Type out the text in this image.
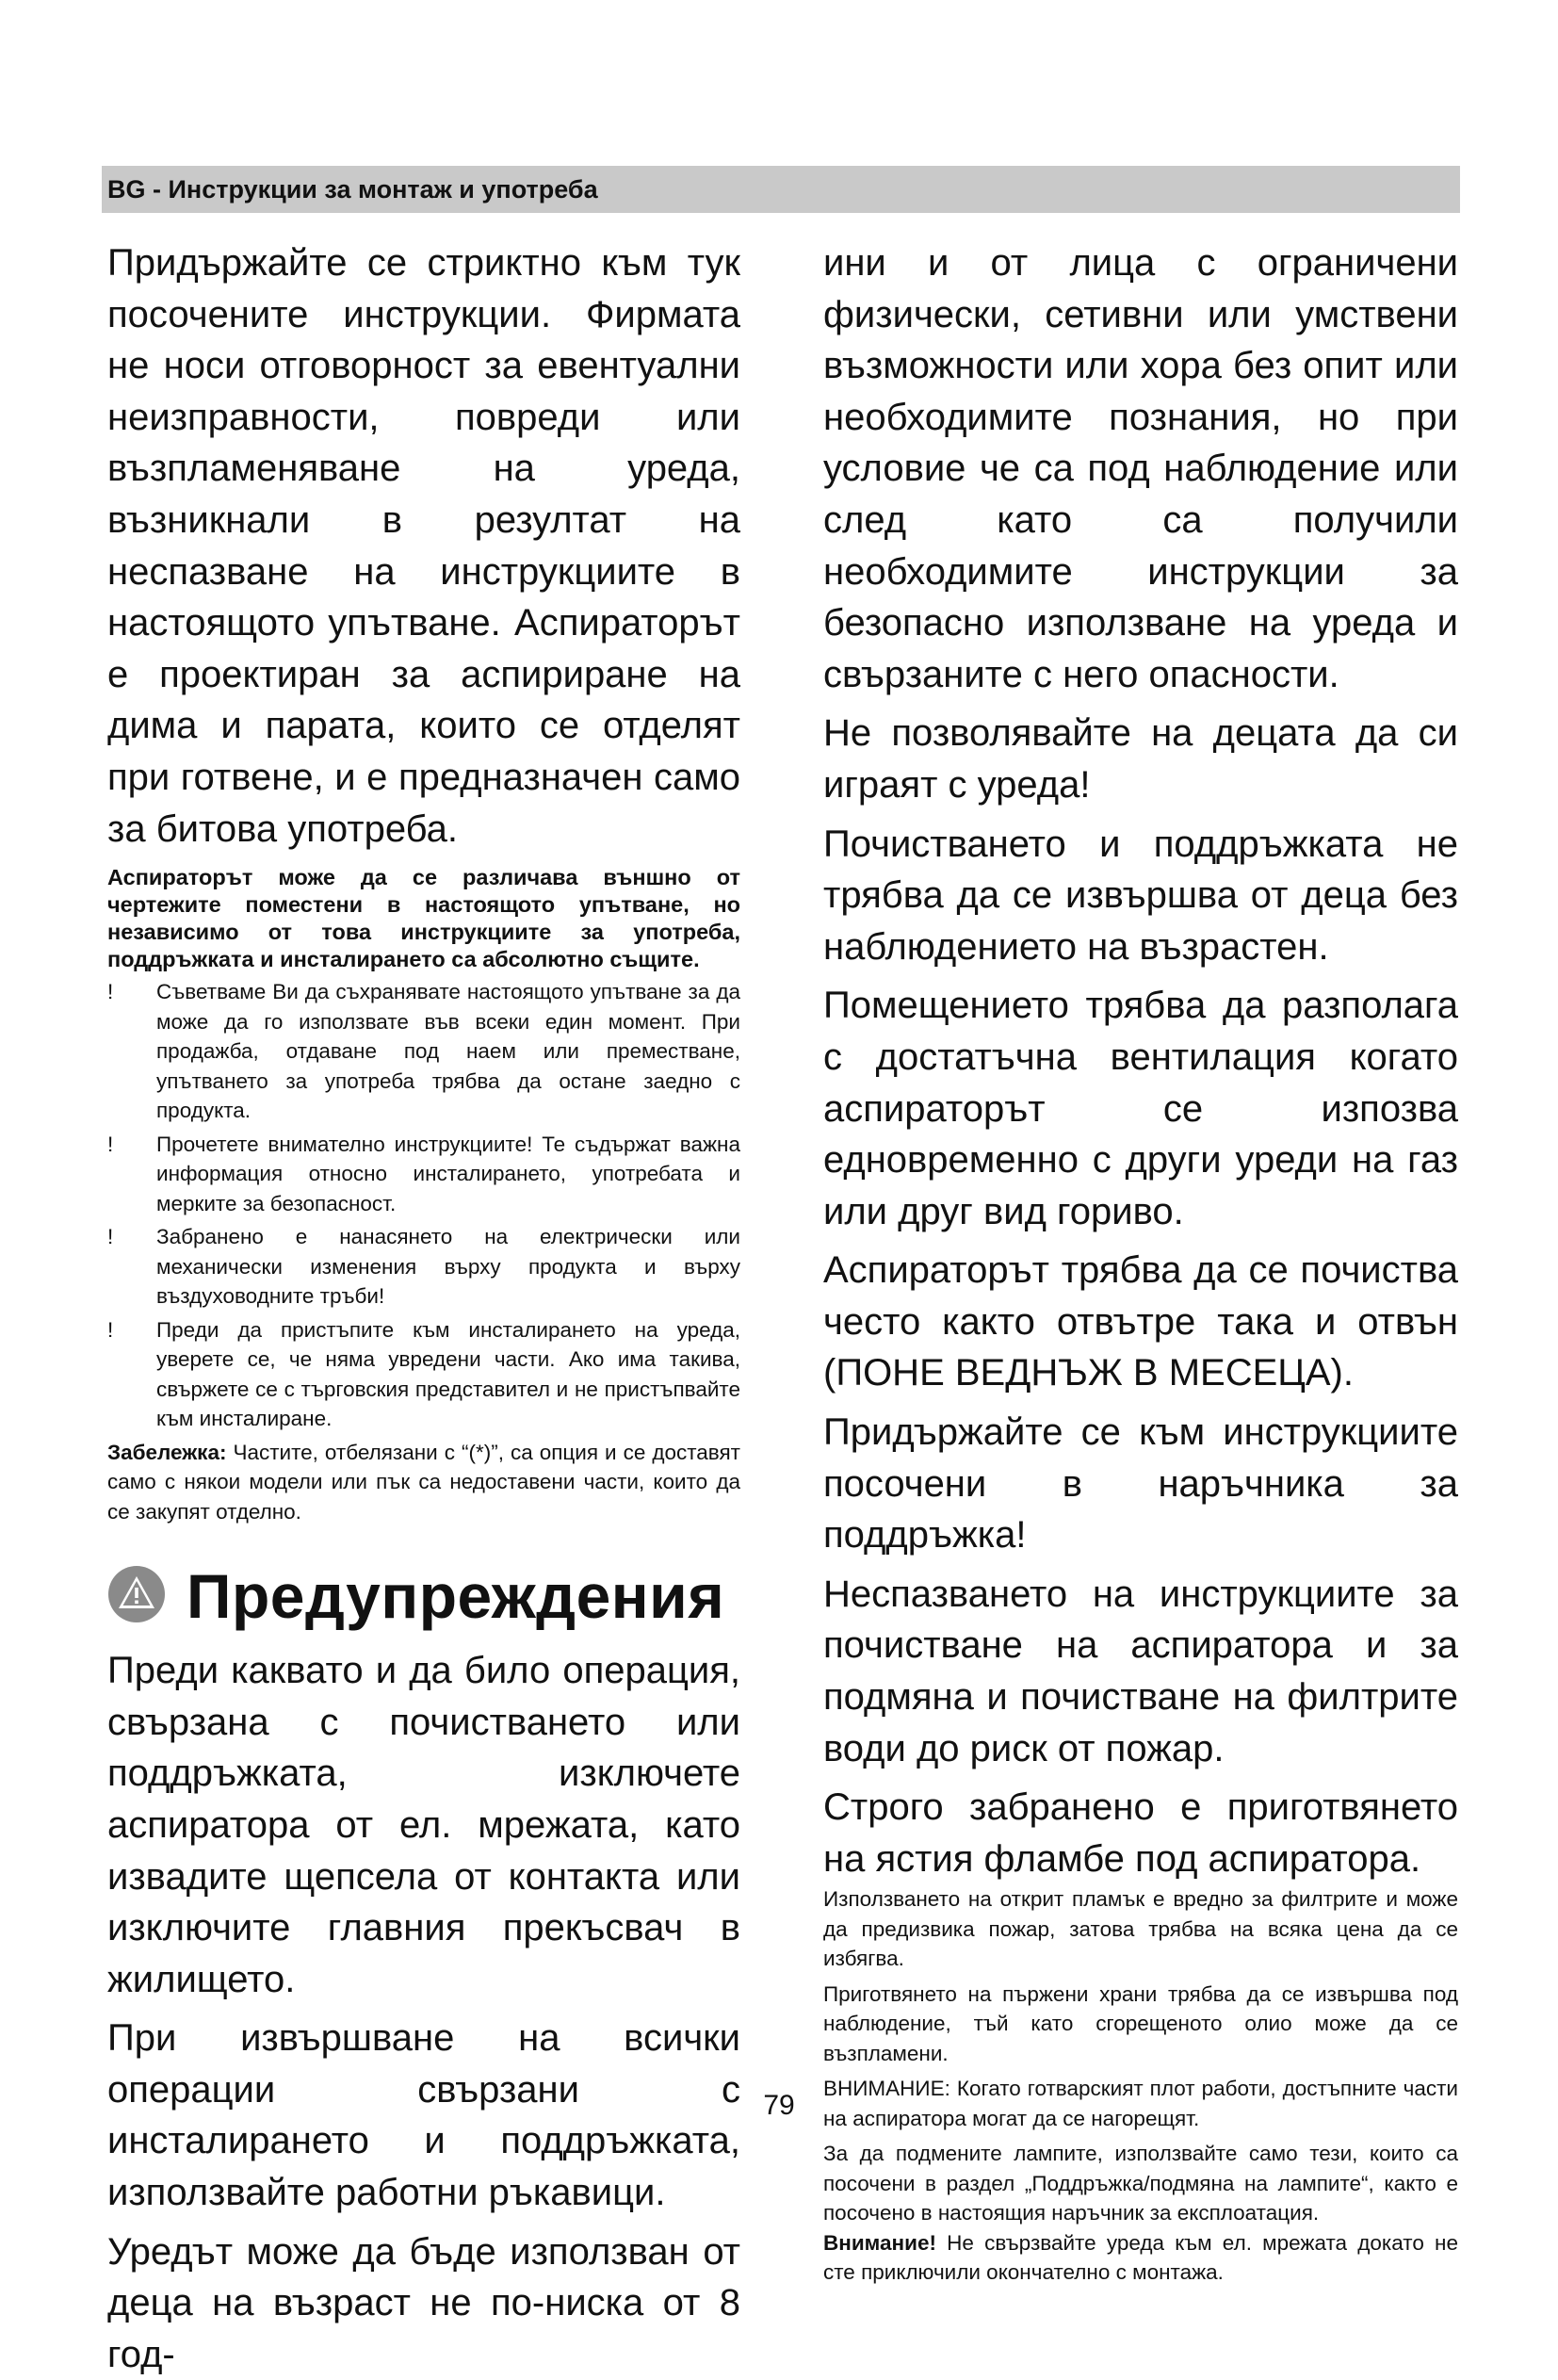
BG - Инструкции за монтаж и употреба

Придържайте се стриктно към тук посочените инструкции. Фирмата не носи отговорност за евентуални неизправности, повреди или възпламеняване на уреда, възникнали в резултат на неспазване на инструкциите в настоящото упътване. Аспираторът е проектиран за аспириране на дима и парата, които се отделят при готвене, и е предназначен само за битова употреба.

Аспираторът може да се различава външно от чертежите поместени в настоящото упътване, но независимо от това инструкциите за употреба, поддръжката и инсталирането са абсолютно същите.

! Съветваме Ви да съхранявате настоящото упътване за да може да го използвате във всеки един момент. При продажба, отдаване под наем или преместване, упътването за употреба трябва да остане заедно с продукта.
! Прочетете внимателно инструкциите! Те съдържат важна информация относно инсталирането, употребата и мерките за безопасност.
! Забранено е нанасянето на електрически или механически изменения върху продукта и върху въздуховодните тръби!
! Преди да пристъпите към инсталирането на уреда, уверете се, че няма увредени части. Ако има такива, свържете се с търговския представител и не пристъпвайте към инсталиране.

Забележка: Частите, отбелязани с “(*)”, са опция и се доставят само с някои модели или пък са недоставени части, които да се закупят отделно.

Предупреждения

Преди каквато и да било операция, свързана с почистването или поддръжката, изключете аспиратора от ел. мрежата, като извадите щепсела от контакта или изключите главния прекъсвач в жилището.

При извършване на всички операции свързани с инсталирането и поддръжката, използвайте работни ръкавици.

Уредът може да бъде използван от деца на възраст не по-ниска от 8 год-

ини и от лица с ограничени физически, сетивни или умствени възможности или хора без опит или необходимите познания, но при условие че са под наблюдение или след като са получили необходимите инструкции за безопасно използване на уреда и свързаните с него опасности.

Не позволявайте на децата да си играят с уреда!

Почистването и поддръжката не трябва да се извършва от деца без наблюдението на възрастен.

Помещението трябва да разполага с достатъчна вентилация когато аспираторът се изпозва едновременно с други уреди на газ или друг вид гориво.

Аспираторът трябва да се почиства често както отвътре така и отвън (ПОНЕ ВЕДНЪЖ В МЕСЕЦА).

Придържайте се към инструкциите посочени в наръчника за поддръжка!

Неспазването на инструкциите за почистване на аспиратора и за подмяна и почистване на филтрите води до риск от пожар.

Строго забранено е приготвянето на ястия фламбе под аспиратора.

Използването на открит пламък е вредно за филтрите и може да предизвика пожар, затова трябва на всяка цена да се избягва.

Приготвянето на пържени храни трябва да се извършва под наблюдение, тъй като сгорещеното олио може да се възпламени.

ВНИМАНИЕ: Когато готварският плот работи, достъпните части на аспиратора могат да се нагорещят.

За да подмените лампите, използвайте само тези, които са посочени в раздел „Поддръжка/подмяна на лампите“, както е посочено в настоящия наръчник за експлоатация.

Внимание! Не свързвайте уреда към ел. мрежата докато не сте приключили окончателно с монтажа.

79
